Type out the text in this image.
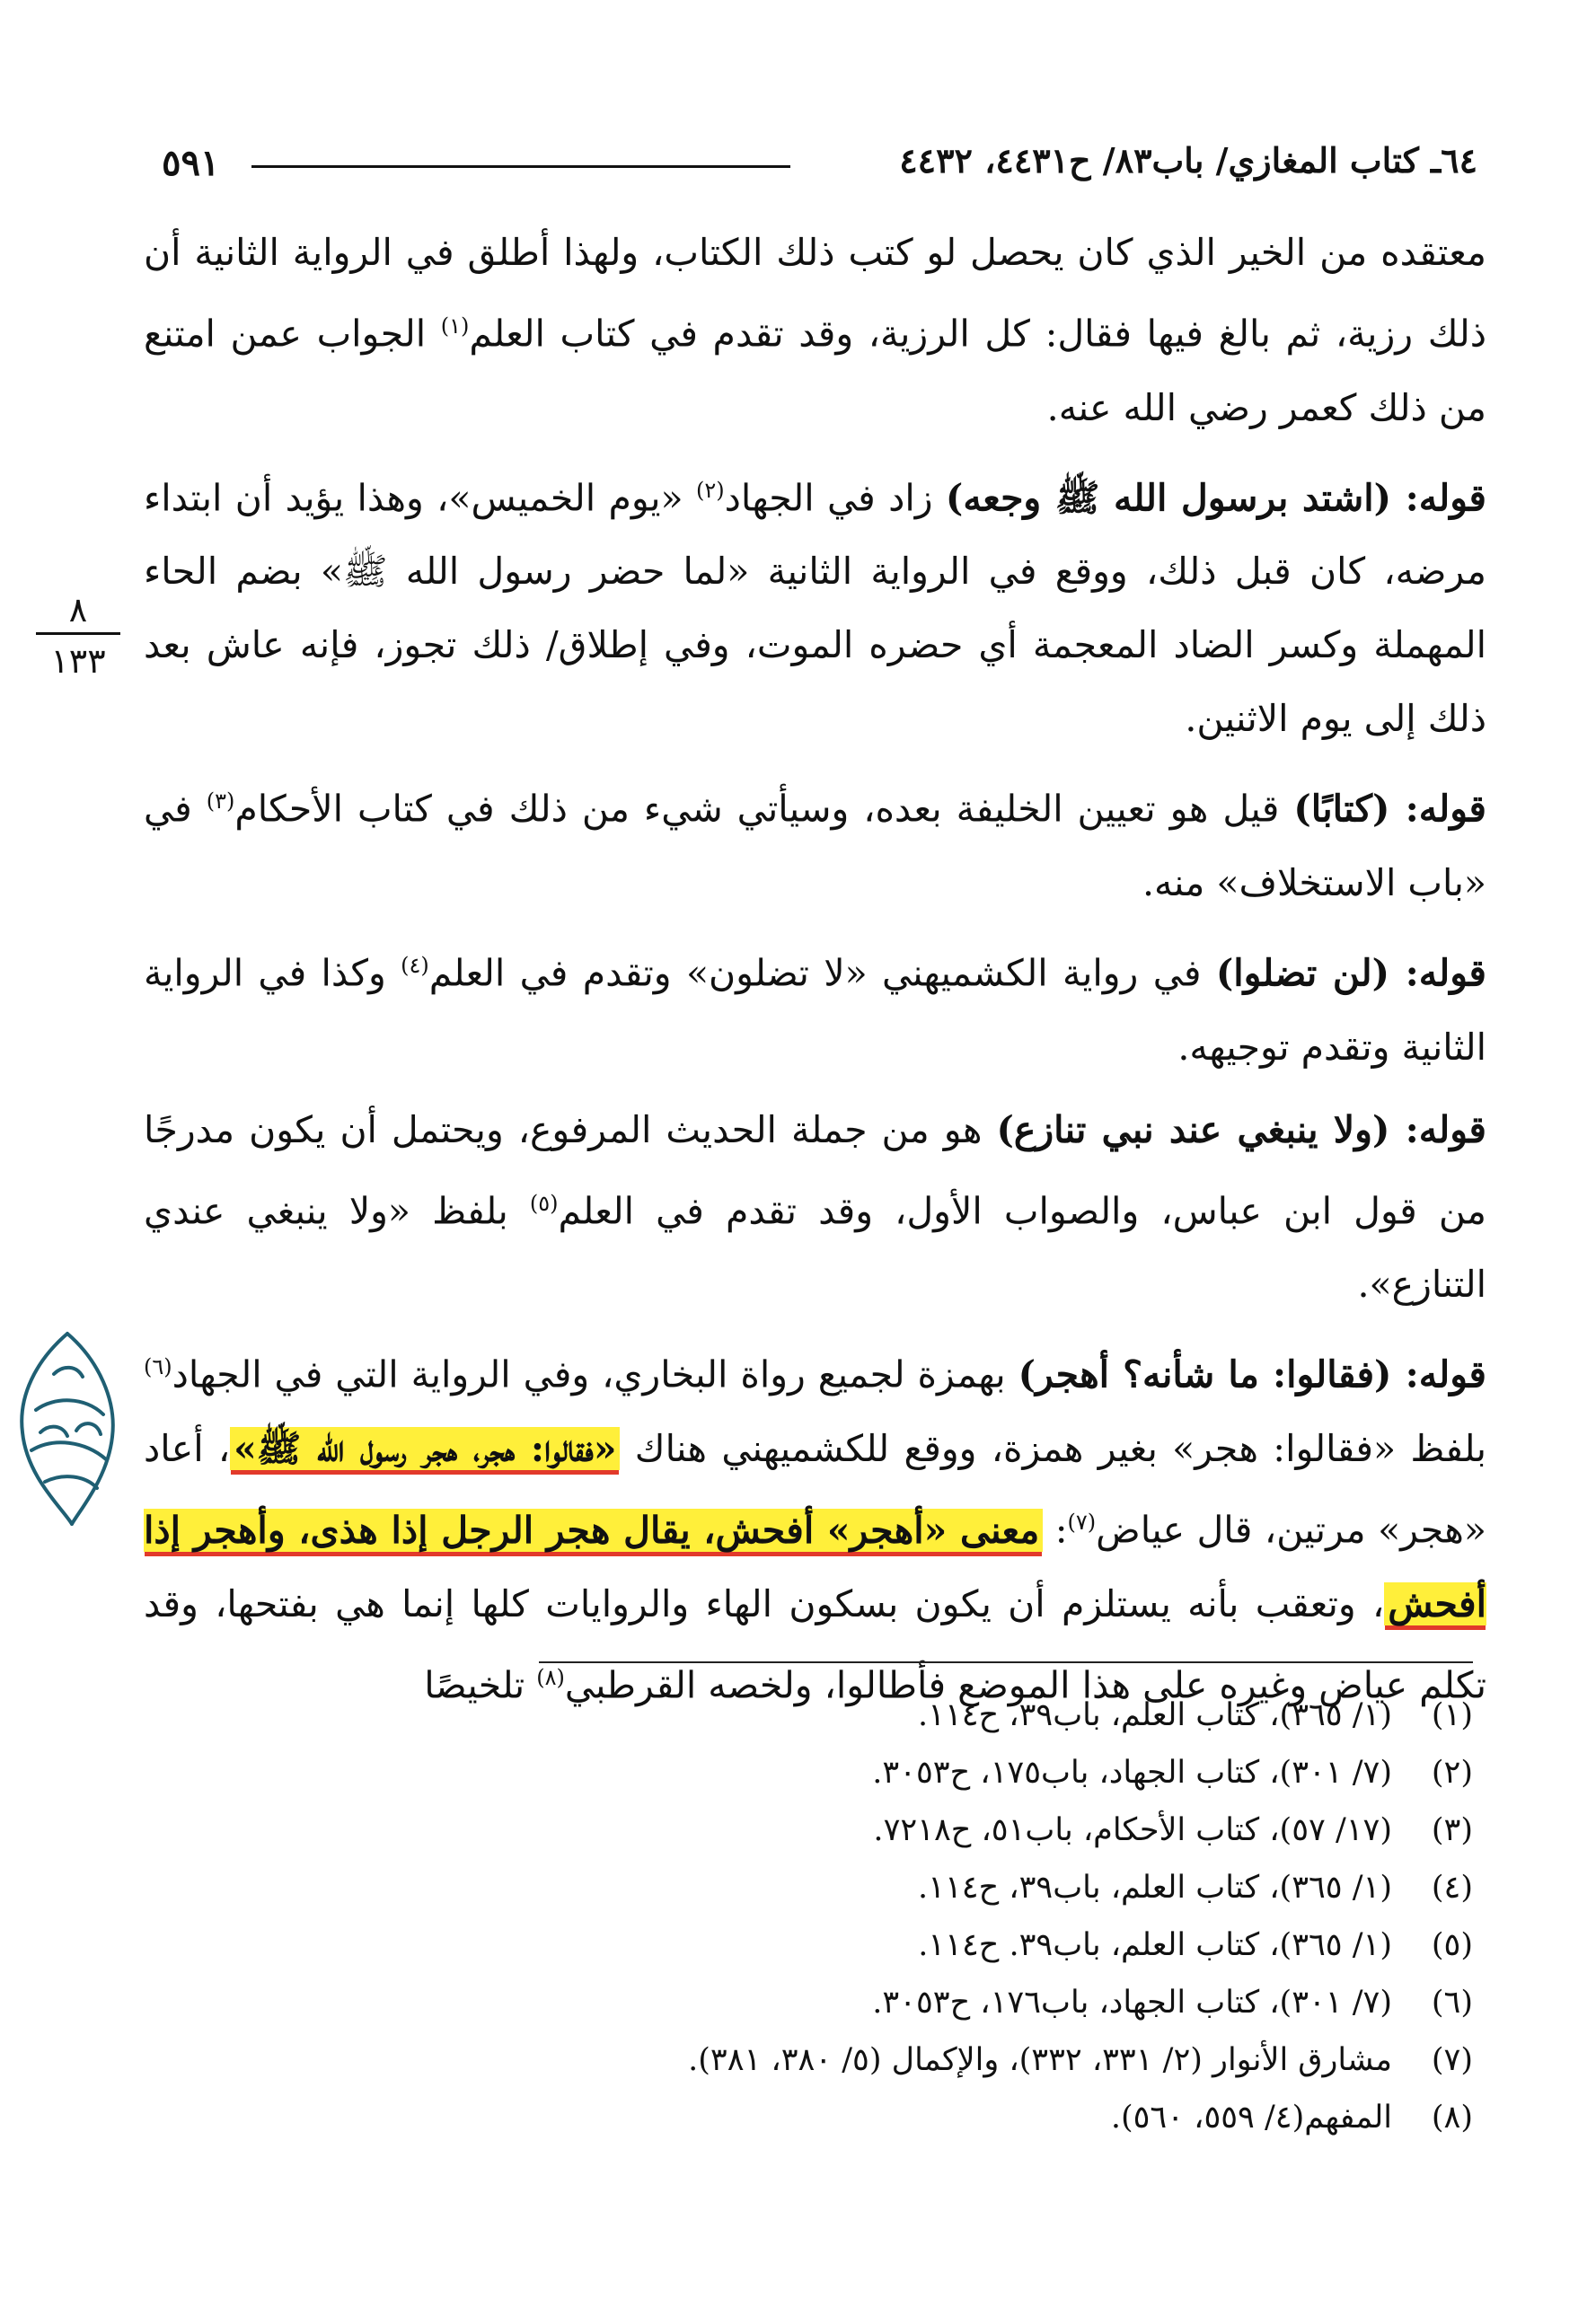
٥٩١	٦٤ـ كتاب المغازي/ باب٨٣/ ح٤٤٣١، ٤٤٣٢
٨
١٣٣

معتقده من الخير الذي كان يحصل لو كتب ذلك الكتاب، ولهذا أطلق في الرواية الثانية أن ذلك رزية، ثم بالغ فيها فقال: كل الرزية، وقد تقدم في كتاب العلم$^{(١)}$ الجواب عمن امتنع من ذلك كعمر رضي الله عنه.

قوله: (اشتد برسول الله ﷺ وجعه) زاد في الجهاد$^{(٢)}$ «يوم الخميس»، وهذا يؤيد أن ابتداء مرضه، كان قبل ذلك، ووقع في الرواية الثانية «لما حضر رسول الله ﷺ» بضم الحاء المهملة وكسر الضاد المعجمة أي حضره الموت، وفي إطلاق/ ذلك تجوز، فإنه عاش بعد ذلك إلى يوم الاثنين.

قوله: (كتابًا) قيل هو تعيين الخليفة بعده، وسيأتي شيء من ذلك في كتاب الأحكام$^{(٣)}$ في «باب الاستخلاف» منه.

قوله: (لن تضلوا) في رواية الكشميهني «لا تضلون» وتقدم في العلم$^{(٤)}$ وكذا في الرواية الثانية وتقدم توجيهه.

قوله: (ولا ينبغي عند نبي تنازع) هو من جملة الحديث المرفوع، ويحتمل أن يكون مدرجًا من قول ابن عباس، والصواب الأول، وقد تقدم في العلم$^{(٥)}$ بلفظ «ولا ينبغي عندي التنازع».

قوله: (فقالوا: ما شأنه؟ أهجر) بهمزة لجميع رواة البخاري، وفي الرواية التي في الجهاد$^{(٦)}$ بلفظ «فقالوا: هجر» بغير همزة، ووقع للكشميهني هناك «فقالوا: هجر، هجر رسول الله ﷺ»، أعاد «هجر» مرتين، قال عياض$^{(٧)}$: معنى «أهجر» أفحش، يقال هجر الرجل إذا هذى، وأهجر إذا أفحش، وتعقب بأنه يستلزم أن يكون بسكون الهاء والروايات كلها إنما هي بفتحها، وقد تكلم عياض وغيره على هذا الموضع فأطالوا، ولخصه القرطبي$^{(٨)}$ تلخيصًا

(١)(١/ ٣٦٥)، كتاب العلم، باب٣٩، ح١١٤.
(٢)(٧/ ٣٠١)، كتاب الجهاد، باب١٧٥، ح٣٠٥٣.
(٣)(١٧/ ٥٧)، كتاب الأحكام، باب٥١، ح٧٢١٨.
(٤)(١/ ٣٦٥)، كتاب العلم، باب٣٩، ح١١٤.
(٥)(١/ ٣٦٥)، كتاب العلم، باب٣٩. ح١١٤.
(٦)(٧/ ٣٠١)، كتاب الجهاد، باب١٧٦، ح٣٠٥٣.
(٧)مشارق الأنوار (٢/ ٣٣١، ٣٣٢)، والإكمال (٥/ ٣٨٠، ٣٨١).
(٨)المفهم(٤/ ٥٥٩، ٥٦٠).
